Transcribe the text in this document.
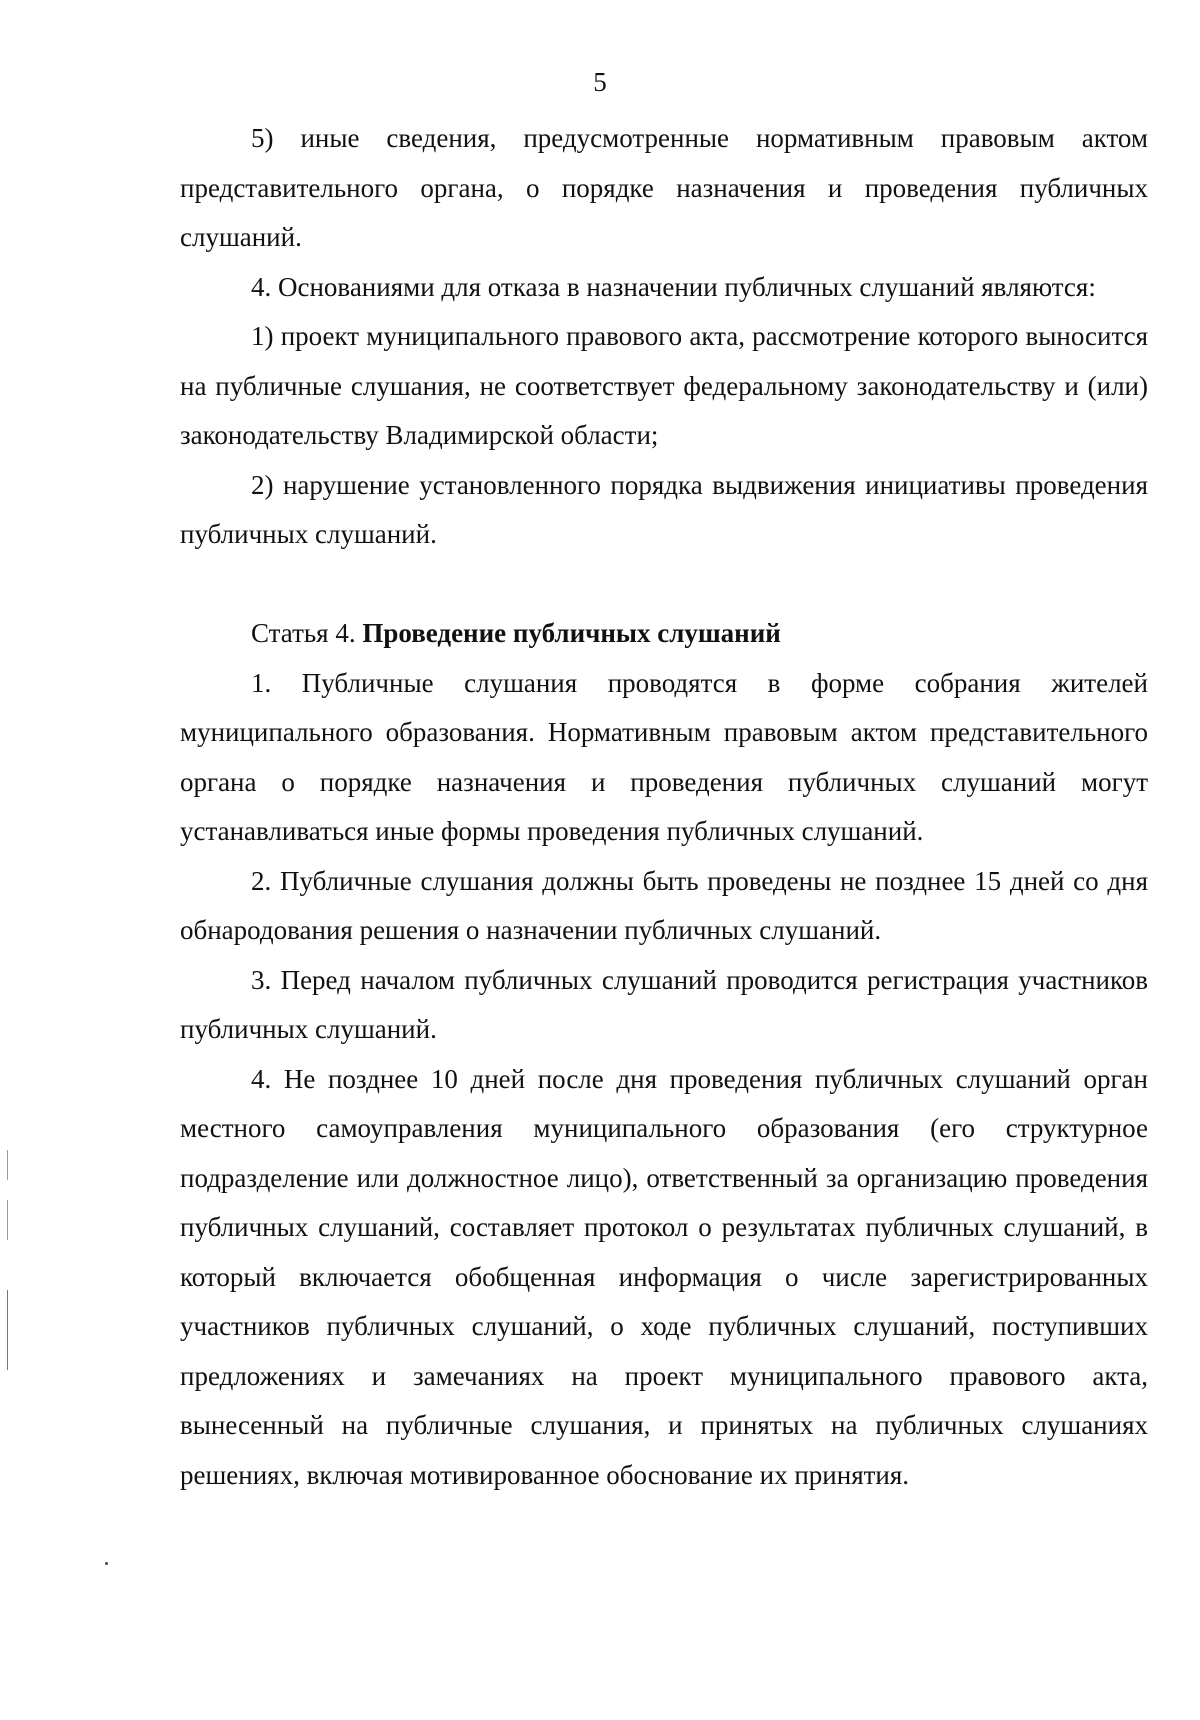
5

5) иные сведения, предусмотренные нормативным правовым актом представительного органа, о порядке назначения и проведения публичных слушаний.

4. Основаниями для отказа в назначении публичных слушаний являются:

1) проект муниципального правового акта, рассмотрение которого выносится на публичные слушания, не соответствует федеральному законодательству и (или) законодательству Владимирской области;

2) нарушение установленного порядка выдвижения инициативы проведения публичных слушаний.

Статья 4. Проведение публичных слушаний

1. Публичные слушания проводятся в форме собрания жителей муниципального образования. Нормативным правовым актом представительного органа о порядке назначения и проведения публичных слушаний могут устанавливаться иные формы проведения публичных слушаний.

2. Публичные слушания должны быть проведены не позднее 15 дней со дня обнародования решения о назначении публичных слушаний.

3. Перед началом публичных слушаний проводится регистрация участников публичных слушаний.

4. Не позднее 10 дней после дня проведения публичных слушаний орган местного самоуправления муниципального образования (его структурное подразделение или должностное лицо), ответственный за организацию проведения публичных слушаний, составляет протокол о результатах публичных слушаний, в который включается обобщенная информация о числе зарегистрированных участников публичных слушаний, о ходе публичных слушаний, поступивших предложениях и замечаниях на проект муниципального правового акта, вынесенный на публичные слушания, и принятых на публичных слушаниях решениях, включая мотивированное обоснование их принятия.
